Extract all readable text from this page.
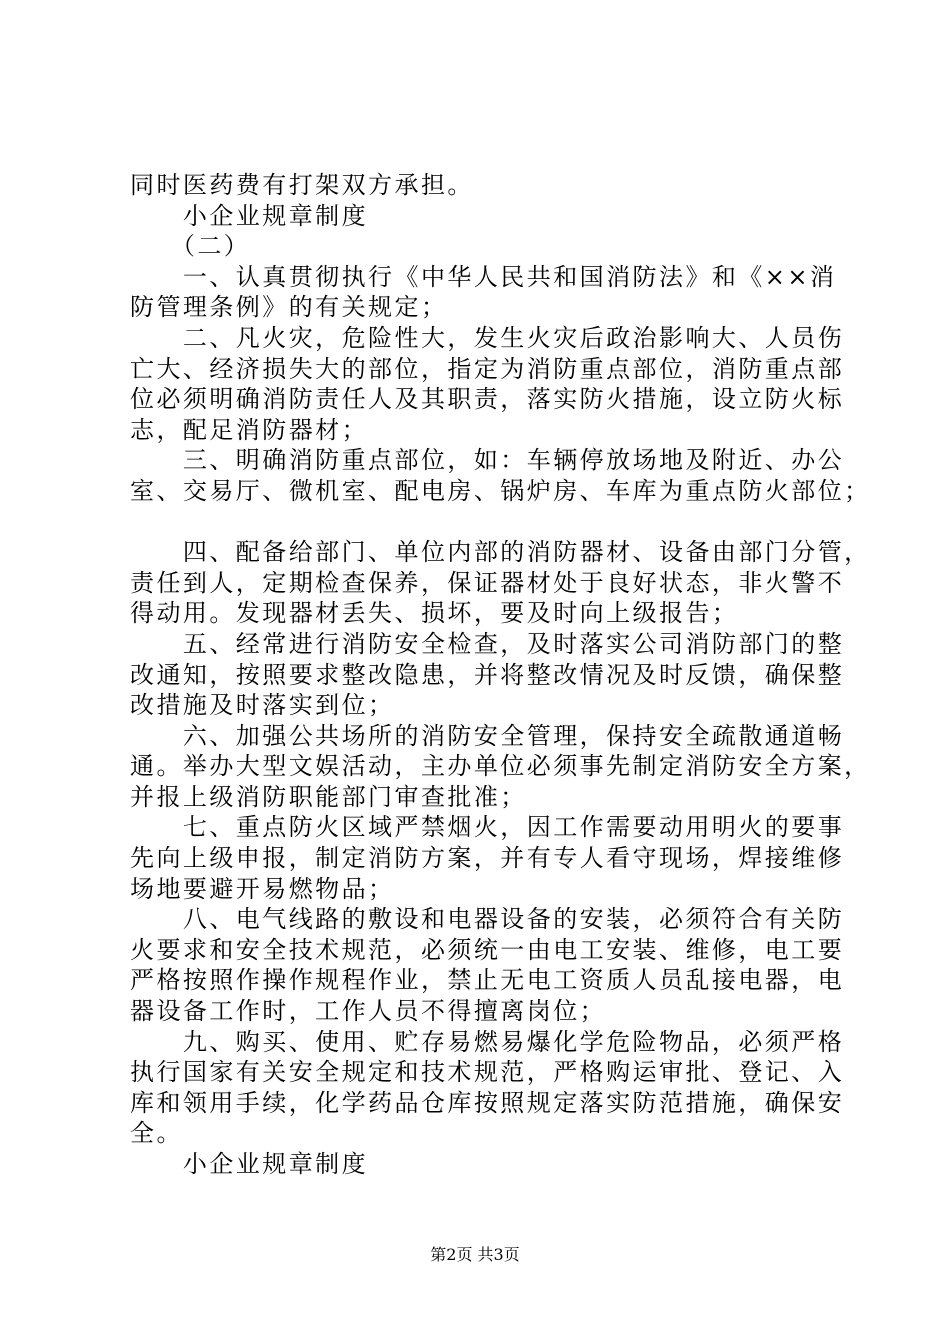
同时医药费有打架双方承担。
　　小企业规章制度
　　（二）
　　一、认真贯彻执行《中华人民共和国消防法》和《××消
防管理条例》的有关规定；
　　二、凡火灾，危险性大，发生火灾后政治影响大、人员伤
亡大、经济损失大的部位，指定为消防重点部位，消防重点部
位必须明确消防责任人及其职责，落实防火措施，设立防火标
志，配足消防器材；
　　三、明确消防重点部位，如：车辆停放场地及附近、办公
室、交易厅、微机室、配电房、锅炉房、车库为重点防火部位；
　　四、配备给部门、单位内部的消防器材、设备由部门分管，
责任到人，定期检查保养，保证器材处于良好状态，非火警不
得动用。发现器材丢失、损坏，要及时向上级报告；
　　五、经常进行消防安全检查，及时落实公司消防部门的整
改通知，按照要求整改隐患，并将整改情况及时反馈，确保整
改措施及时落实到位；
　　六、加强公共场所的消防安全管理，保持安全疏散通道畅
通。举办大型文娱活动，主办单位必须事先制定消防安全方案，
并报上级消防职能部门审查批准；
　　七、重点防火区域严禁烟火，因工作需要动用明火的要事
先向上级申报，制定消防方案，并有专人看守现场，焊接维修
场地要避开易燃物品；
　　八、电气线路的敷设和电器设备的安装，必须符合有关防
火要求和安全技术规范，必须统一由电工安装、维修，电工要
严格按照作操作规程作业，禁止无电工资质人员乱接电器，电
器设备工作时，工作人员不得擅离岗位；
　　九、购买、使用、贮存易燃易爆化学危险物品，必须严格
执行国家有关安全规定和技术规范，严格购运审批、登记、入
库和领用手续，化学药品仓库按照规定落实防范措施，确保安
全。
　　小企业规章制度
第2页 共3页
